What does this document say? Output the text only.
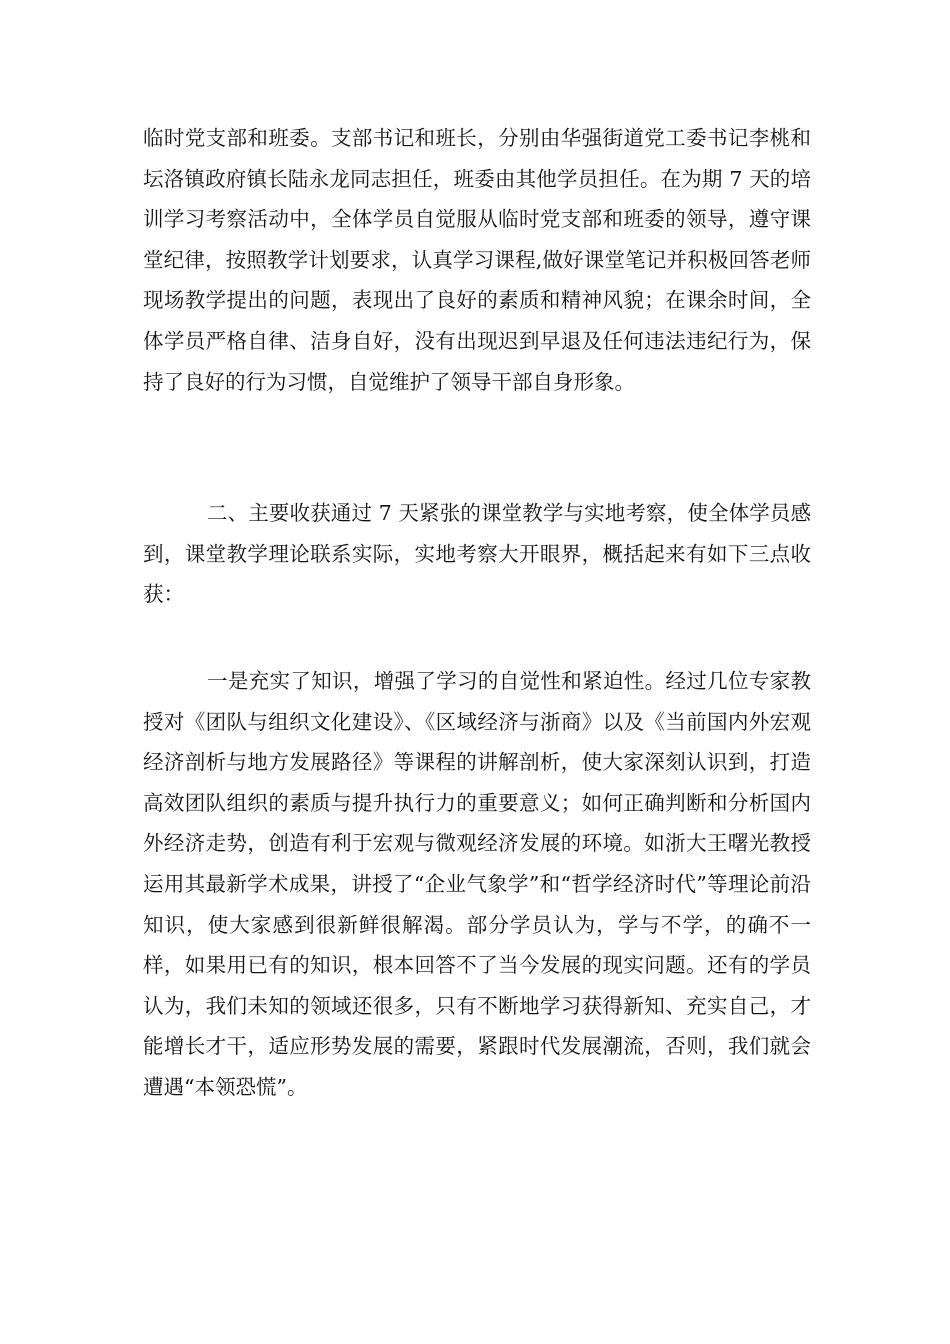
临时党支部和班委。支部书记和班长，分别由华强街道党工委书记李桃和坛洛镇政府镇长陆永龙同志担任，班委由其他学员担任。在为期 7 天的培训学习考察活动中，全体学员自觉服从临时党支部和班委的领导，遵守课堂纪律，按照教学计划要求，认真学习课程,做好课堂笔记并积极回答老师现场教学提出的问题，表现出了良好的素质和精神风貌；在课余时间，全体学员严格自律、洁身自好，没有出现迟到早退及任何违法违纪行为，保持了良好的行为习惯，自觉维护了领导干部自身形象。

二、主要收获通过 7 天紧张的课堂教学与实地考察，使全体学员感到，课堂教学理论联系实际，实地考察大开眼界，概括起来有如下三点收获：

一是充实了知识，增强了学习的自觉性和紧迫性。经过几位专家教授对《团队与组织文化建设》、《区域经济与浙商》以及《当前国内外宏观经济剖析与地方发展路径》等课程的讲解剖析，使大家深刻认识到，打造高效团队组织的素质与提升执行力的重要意义；如何正确判断和分析国内外经济走势，创造有利于宏观与微观经济发展的环境。如浙大王曙光教授运用其最新学术成果，讲授了“企业气象学”和“哲学经济时代”等理论前沿知识，使大家感到很新鲜很解渴。部分学员认为，学与不学，的确不一样，如果用已有的知识，根本回答不了当今发展的现实问题。还有的学员认为，我们未知的领域还很多，只有不断地学习获得新知、充实自己，才能增长才干，适应形势发展的需要，紧跟时代发展潮流，否则，我们就会遭遇“本领恐慌”。
